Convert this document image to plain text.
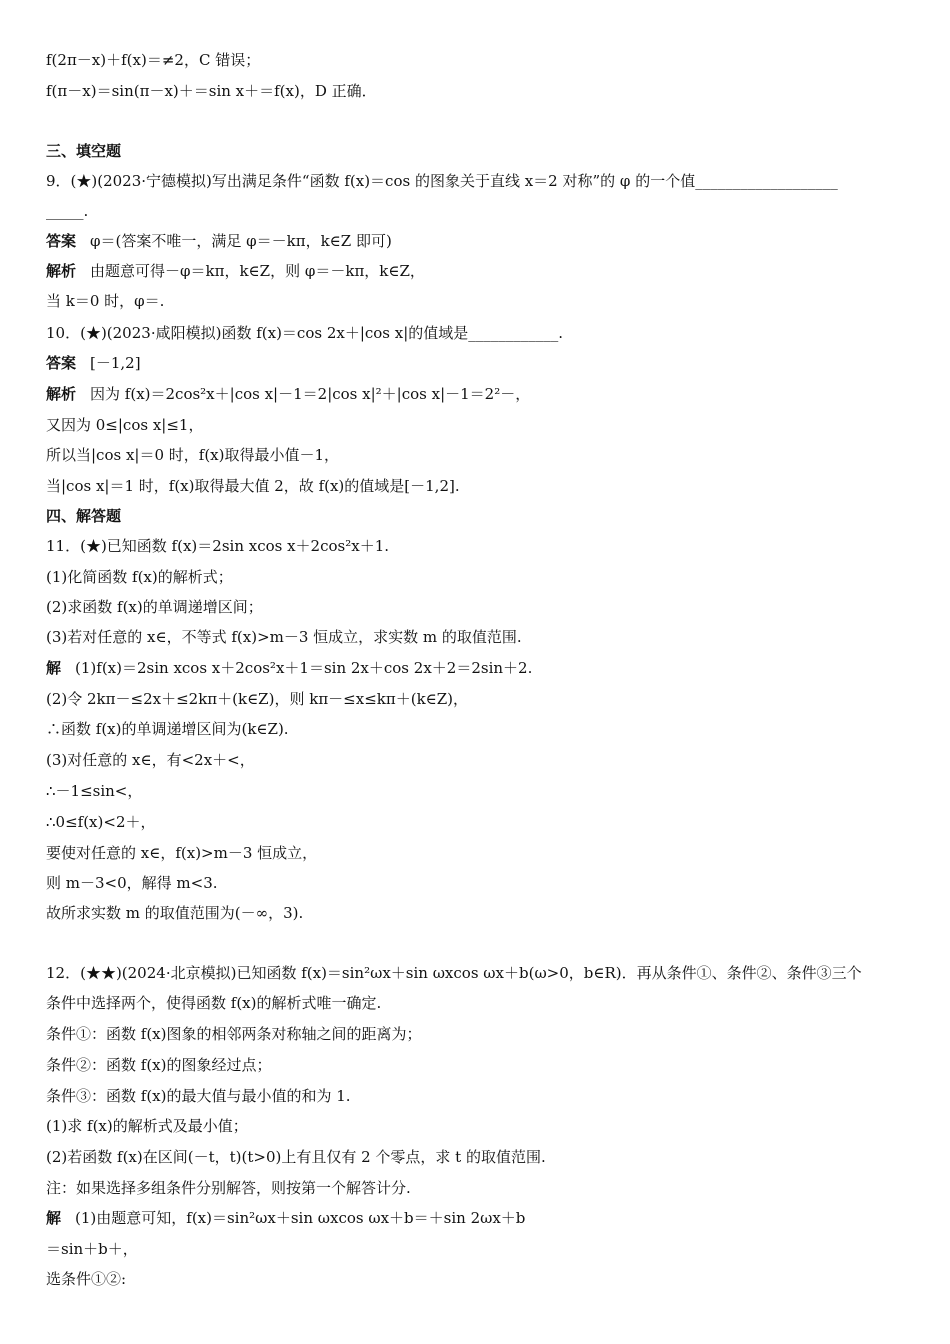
f(2π－x)＋f(x)＝≠2，C 错误；
f(π－x)＝sin(π－x)＋＝sin x＋＝f(x)，D 正确．
三、填空题
9．(★)(2023·宁德模拟)写出满足条件“函数 f(x)＝cos 的图象关于直线 x＝2 对称”的 φ 的一个值___________________
_____.
答案 φ＝(答案不唯一，满足 φ＝－kπ，k∈Z 即可)
解析 由题意可得－φ＝kπ，k∈Z，则 φ＝－kπ，k∈Z，
当 k＝0 时，φ＝.
10．(★)(2023·咸阳模拟)函数 f(x)＝cos 2x＋|cos x|的值域是____________.
答案 [－1,2]
解析 因为 f(x)＝2cos²x＋|cos x|－1＝2|cos x|²＋|cos x|－1＝2²－，
又因为 0≤|cos x|≤1，
所以当|cos x|＝0 时，f(x)取得最小值－1，
当|cos x|＝1 时，f(x)取得最大值 2，故 f(x)的值域是[－1,2].
四、解答题
11．(★)已知函数 f(x)＝2sin xcos x＋2cos²x＋1.
(1)化简函数 f(x)的解析式；
(2)求函数 f(x)的单调递增区间；
(3)若对任意的 x∈，不等式 f(x)>m－3 恒成立，求实数 m 的取值范围.
解 (1)f(x)＝2sin xcos x＋2cos²x＋1＝sin 2x＋cos 2x＋2＝2sin＋2.
(2)令 2kπ－≤2x＋≤2kπ＋(k∈Z)，则 kπ－≤x≤kπ＋(k∈Z)，
∴函数 f(x)的单调递增区间为(k∈Z).
(3)对任意的 x∈，有<2x＋<，
∴－1≤sin<，
∴0≤f(x)<2＋，
要使对任意的 x∈，f(x)>m－3 恒成立，
则 m－3<0，解得 m<3.
故所求实数 m 的取值范围为(－∞，3).
12．(★★)(2024·北京模拟)已知函数 f(x)＝sin²ωx＋sin ωxcos ωx＋b(ω>0，b∈R)．再从条件①、条件②、条件③三个
条件中选择两个，使得函数 f(x)的解析式唯一确定.
条件①：函数 f(x)图象的相邻两条对称轴之间的距离为；
条件②：函数 f(x)的图象经过点；
条件③：函数 f(x)的最大值与最小值的和为 1.
(1)求 f(x)的解析式及最小值；
(2)若函数 f(x)在区间(－t，t)(t>0)上有且仅有 2 个零点，求 t 的取值范围.
注：如果选择多组条件分别解答，则按第一个解答计分.
解 (1)由题意可知，f(x)＝sin²ωx＋sin ωxcos ωx＋b＝＋sin 2ωx＋b
＝sin＋b＋，
选条件①②:
